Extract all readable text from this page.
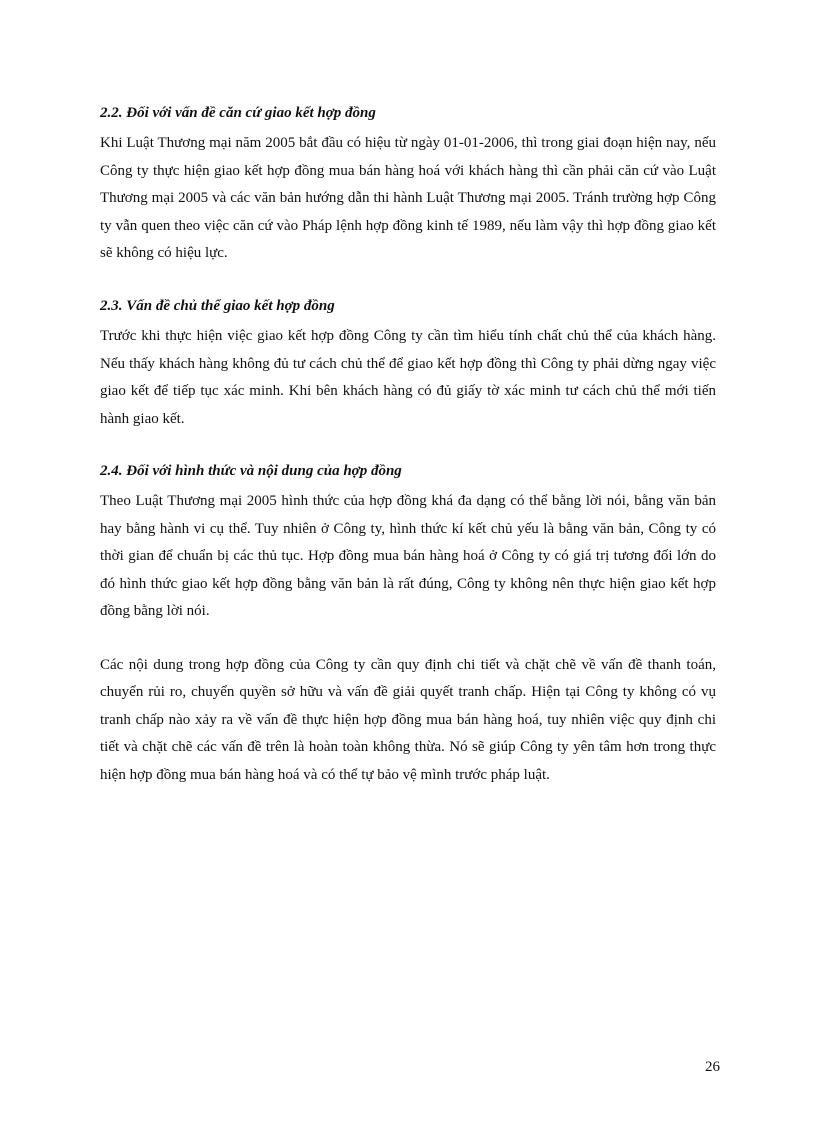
2.2. Đối với vấn đề căn cứ giao kết hợp đồng

Khi Luật Thương mại năm 2005 bắt đầu có hiệu từ ngày 01-01-2006, thì trong giai đoạn hiện nay, nếu Công ty thực hiện giao kết hợp đồng mua bán hàng hoá với khách hàng thì cần phải căn cứ vào Luật Thương mại 2005 và các văn bản hướng dẫn thi hành Luật Thương mại 2005. Tránh trường hợp Công ty vẫn quen theo việc căn cứ vào Pháp lệnh hợp đồng kinh tế 1989, nếu làm vậy thì hợp đồng giao kết sẽ không có hiệu lực.

2.3. Vấn đề chủ thể giao kết hợp đồng

Trước khi thực hiện việc giao kết hợp đồng Công ty cần tìm hiểu tính chất chủ thể của khách hàng. Nếu thấy khách hàng không đủ tư cách chủ thể để giao kết hợp đồng thì Công ty phải dừng ngay việc giao kết để tiếp tục xác minh. Khi bên khách hàng có đủ giấy tờ xác minh tư cách chủ thể mới tiến hành giao kết.

2.4. Đối với hình thức và nội dung của hợp đồng

Theo Luật Thương mại 2005 hình thức của hợp đồng khá đa dạng có thể bằng lời nói, bằng văn bản hay bằng hành vi cụ thể. Tuy nhiên ở Công ty, hình thức kí kết chủ yếu là bằng văn bản, Công ty có thời gian để chuẩn bị các thủ tục. Hợp đồng mua bán hàng hoá ở Công ty có giá trị tương đối lớn do đó hình thức giao kết hợp đồng bằng văn bản là rất đúng, Công ty không nên thực hiện giao kết hợp đồng bằng lời nói.

Các nội dung trong hợp đồng của Công ty cần quy định chi tiết và chặt chẽ về vấn đề thanh toán, chuyển rủi ro, chuyển quyền sở hữu và vấn đề giải quyết tranh chấp. Hiện tại Công ty không có vụ tranh chấp nào xảy ra về vấn đề thực hiện hợp đồng mua bán hàng hoá, tuy nhiên việc quy định chi tiết và chặt chẽ các vấn đề trên là hoàn toàn không thừa. Nó sẽ giúp Công ty yên tâm hơn trong thực hiện hợp đồng mua bán hàng hoá và có thể tự bảo vệ mình trước pháp luật.

26
